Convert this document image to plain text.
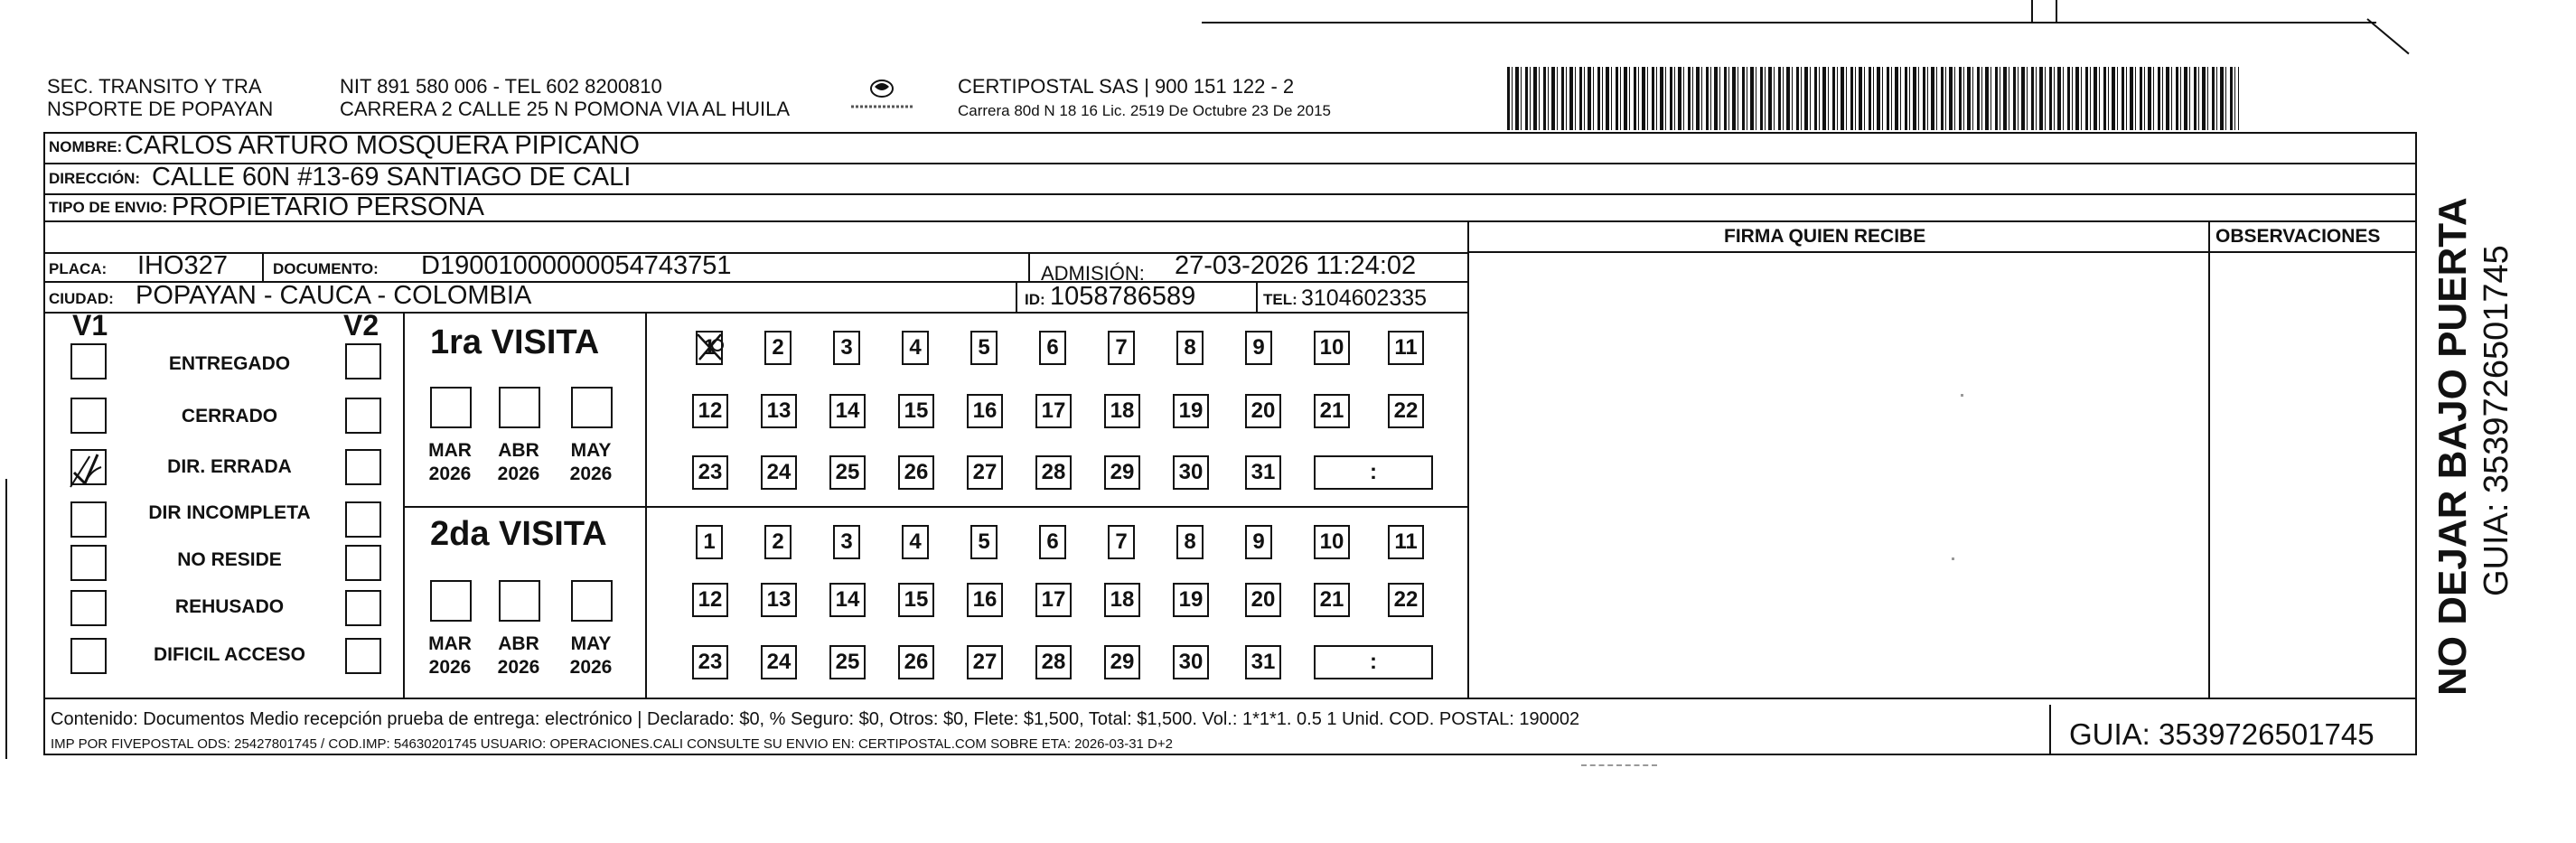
SEC. TRANSITO Y TRA
NSPORTE DE POPAYAN
NIT 891 580 006 - TEL 602 8200810
CARRERA 2 CALLE 25 N POMONA VIA AL HUILA
CERTIPOSTAL SAS | 900 151 122 - 2
Carrera 80d N 18 16 Lic. 2519 De Octubre 23 De 2015
NOMBRE: CARLOS ARTURO MOSQUERA PIPICANO
DIRECCIÓN: CALLE 60N #13-69 SANTIAGO DE CALI
TIPO DE ENVIO: PROPIETARIO PERSONA
FIRMA QUIEN RECIBE	OBSERVACIONES
PLACA: IHO327	DOCUMENTO: D19001000000054743751	ADMISIÓN: 27-03-2026 11:24:02
CIUDAD: POPAYAN - CAUCA - COLOMBIA	ID: 1058786589	TEL: 3104602335
V1	V2
ENTREGADO
CERRADO
DIR. ERRADA
DIR INCOMPLETA
NO RESIDE
REHUSADO
DIFICIL ACCESO
1ra VISITA
MAR
2026
ABR
2026
MAY
2026
1	2	3	4	5	6	7	8	9	10	11
12 13 14 15 16 17 18 19 20 21 22
23 24 25 26 27 28 29 30 31	:
2da VISITA
MAR
2026
ABR
2026
MAY
2026
1	2	3	4	5	6	7	8	9	10	11
12 13 14 15 16 17 18 19 20 21 22
23 24 25 26 27 28 29 30 31	:
Contenido: Documentos Medio recepción prueba de entrega: electrónico | Declarado: $0, % Seguro: $0, Otros: $0, Flete: $1,500, Total: $1,500. Vol.: 1*1*1. 0.5 1 Unid. COD. POSTAL: 190002
IMP POR FIVEPOSTAL ODS: 25427801745 / COD.IMP: 54630201745 USUARIO: OPERACIONES.CALI CONSULTE SU ENVIO EN: CERTIPOSTAL.COM SOBRE ETA: 2026-03-31 D+2	GUIA: 3539726501745
NO DEJAR BAJO PUERTA GUIA: 3539726501745
